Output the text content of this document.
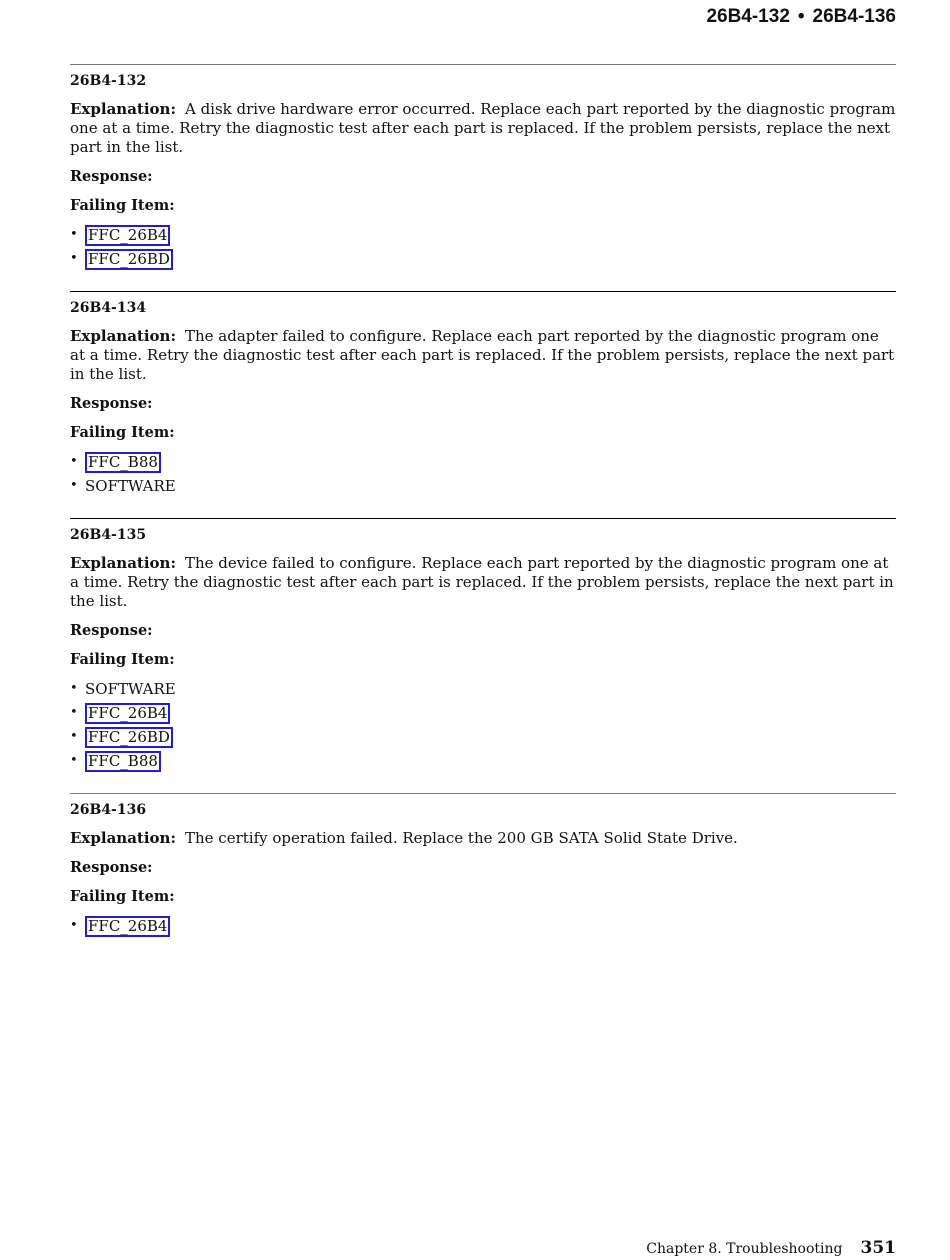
26B4-132 • 26B4-136
26B4-132
Explanation: A disk drive hardware error occurred. Replace each part reported by the diagnostic program one at a time. Retry the diagnostic test after each part is replaced. If the problem persists, replace the next part in the list.
Response:
Failing Item:
• FFC_26B4
• FFC_26BD
26B4-134
Explanation: The adapter failed to configure. Replace each part reported by the diagnostic program one at a time. Retry the diagnostic test after each part is replaced. If the problem persists, replace the next part in the list.
Response:
Failing Item:
• FFC_B88
• SOFTWARE
26B4-135
Explanation: The device failed to configure. Replace each part reported by the diagnostic program one at a time. Retry the diagnostic test after each part is replaced. If the problem persists, replace the next part in the list.
Response:
Failing Item:
• SOFTWARE
• FFC_26B4
• FFC_26BD
• FFC_B88
26B4-136
Explanation: The certify operation failed. Replace the 200 GB SATA Solid State Drive.
Response:
Failing Item:
• FFC_26B4
Chapter 8. Troubleshooting 351
